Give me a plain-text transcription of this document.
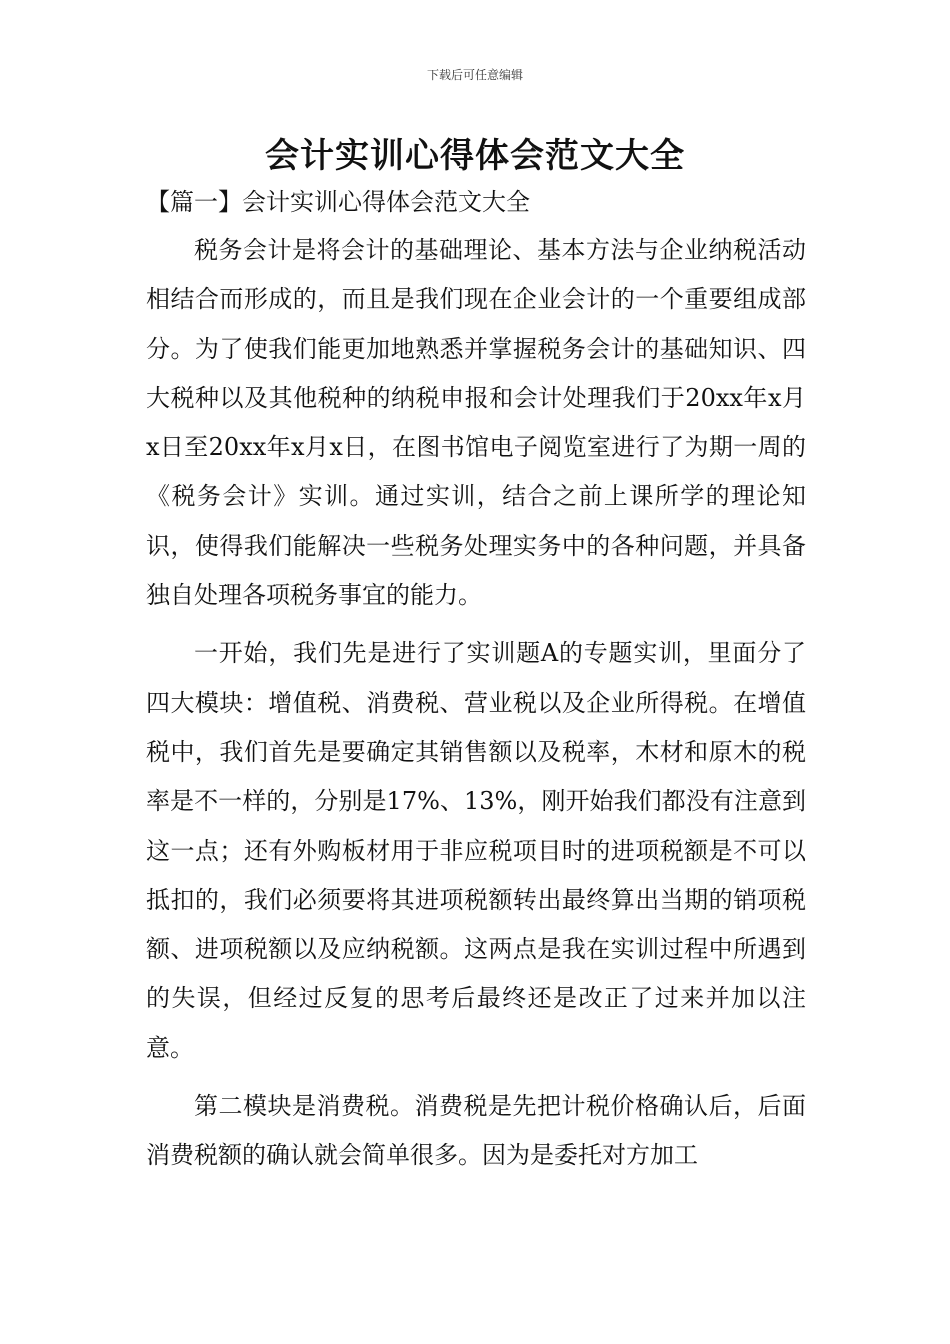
下载后可任意编辑
会计实训心得体会范文大全
【篇一】会计实训心得体会范文大全

税务会计是将会计的基础理论、基本方法与企业纳税活动相结合而形成的，而且是我们现在企业会计的一个重要组成部分。为了使我们能更加地熟悉并掌握税务会计的基础知识、四大税种以及其他税种的纳税申报和会计处理我们于20xx年x月x日至20xx年x月x日，在图书馆电子阅览室进行了为期一周的《税务会计》实训。通过实训，结合之前上课所学的理论知识，使得我们能解决一些税务处理实务中的各种问题，并具备独自处理各项税务事宜的能力。

一开始，我们先是进行了实训题A的专题实训，里面分了四大模块：增值税、消费税、营业税以及企业所得税。在增值税中，我们首先是要确定其销售额以及税率，木材和原木的税率是不一样的，分别是17%、13%，刚开始我们都没有注意到这一点；还有外购板材用于非应税项目时的进项税额是不可以抵扣的，我们必须要将其进项税额转出最终算出当期的销项税额、进项税额以及应纳税额。这两点是我在实训过程中所遇到的失误，但经过反复的思考后最终还是改正了过来并加以注意。

第二模块是消费税。消费税是先把计税价格确认后，后面消费税额的确认就会简单很多。因为是委托对方加工
